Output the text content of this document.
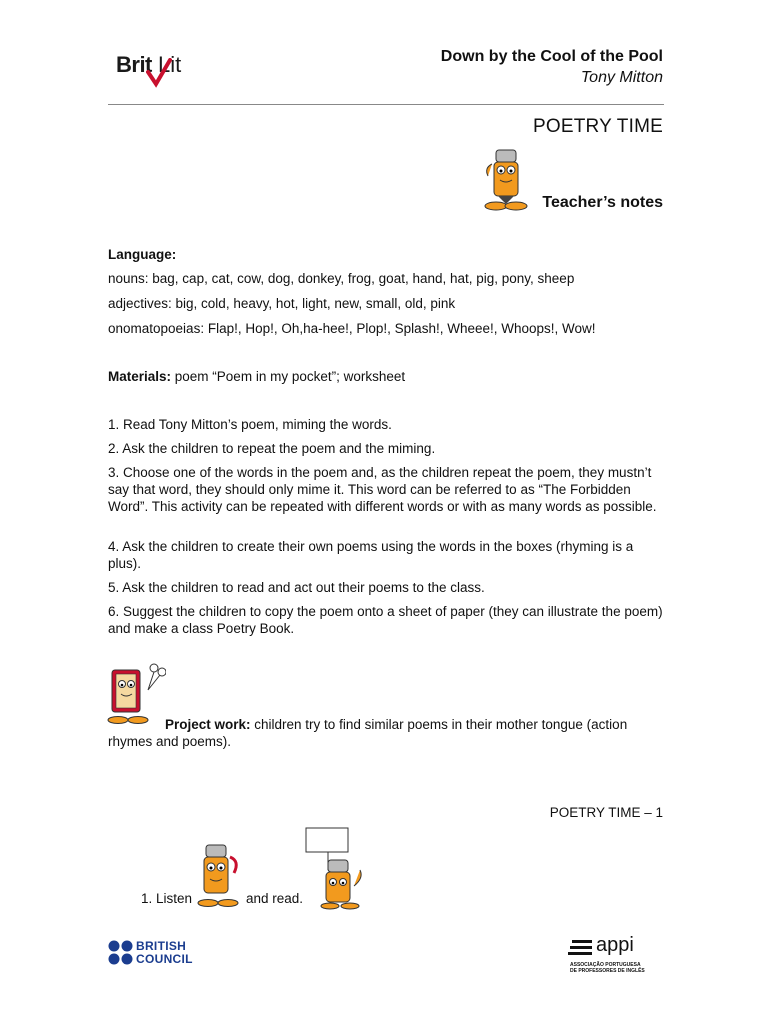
Brit Lit	Down by the Cool of the Pool
Tony Mitton
POETRY TIME
Teacher’s notes
Language:
nouns: bag, cap, cat, cow, dog, donkey, frog, goat, hand, hat, pig, pony, sheep
adjectives: big, cold, heavy, hot, light, new, small, old, pink
onomatopoeias: Flap!, Hop!, Oh,ha-hee!, Plop!, Splash!, Wheee!, Whoops!, Wow!
Materials: poem “Poem in my pocket”; worksheet
1. Read Tony Mitton’s poem, miming the words.
2. Ask the children to repeat the poem and the miming.
3. Choose one of the words in the poem and, as the children repeat the poem, they mustn’t say that word, they should only mime it. This word can be referred to as “The Forbidden Word”. This activity can be repeated with different words or with as many words as possible.
4. Ask the children to create their own poems using the words in the boxes (rhyming is a plus).
5. Ask the children to read and act out their poems to the class.
6. Suggest the children to copy the poem onto a sheet of paper (they can illustrate the poem) and make a class Poetry Book.
Project work: children try to find similar poems in their mother tongue (action rhymes and poems).
POETRY TIME – 1
1. Listen	and read.
BRITISH
COUNCIL
appi
ASSOCIAÇÃO PORTUGUESA
DE PROFESSORES DE INGLÊS
